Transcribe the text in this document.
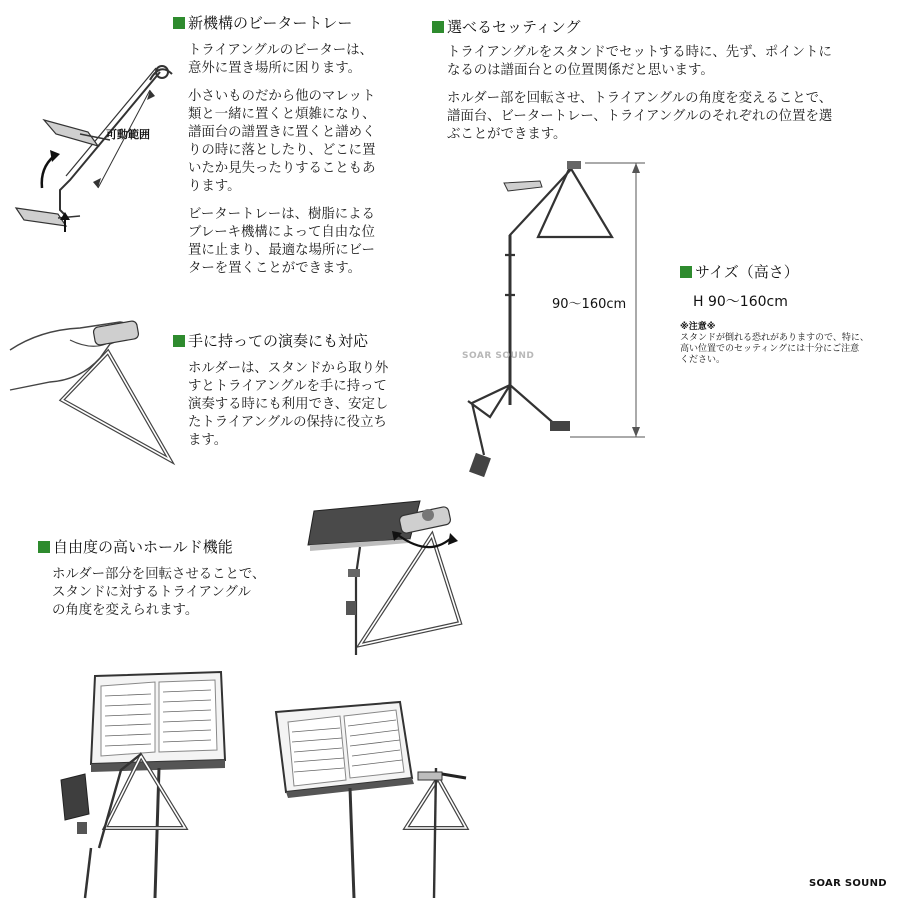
新機構のビータートレー
トライアングルのビーターは、
意外に置き場所に困ります。
小さいものだから他のマレット
類と一緒に置くと煩雑になり、
譜面台の譜置きに置くと譜めく
りの時に落としたり、どこに置
いたか見失ったりすることもあ
ります。
ビータートレーは、樹脂による
ブレーキ機構によって自由な位
置に止まり、最適な場所にビー
ターを置くことができます。
可動範囲
選べるセッティング
トライアングルをスタンドでセットする時に、先ず、ポイントに
なるのは譜面台との位置関係だと思います。
ホルダー部を回転させ、トライアングルの角度を変えることで、
譜面台、ビータートレー、トライアングルのそれぞれの位置を選
ぶことができます。
90〜160cm
サイズ（高さ）
H 90〜160cm
※注意※
スタンドが倒れる恐れがありますので、特に、
高い位置でのセッティングには十分にご注意
ください。
SOAR SOUND
手に持っての演奏にも対応
ホルダーは、スタンドから取り外
すとトライアングルを手に持って
演奏する時にも利用でき、安定し
たトライアングルの保持に役立ち
ます。
自由度の高いホールド機能
ホルダー部分を回転させることで、
スタンドに対するトライアングル
の角度を変えられます。
SOAR SOUND
